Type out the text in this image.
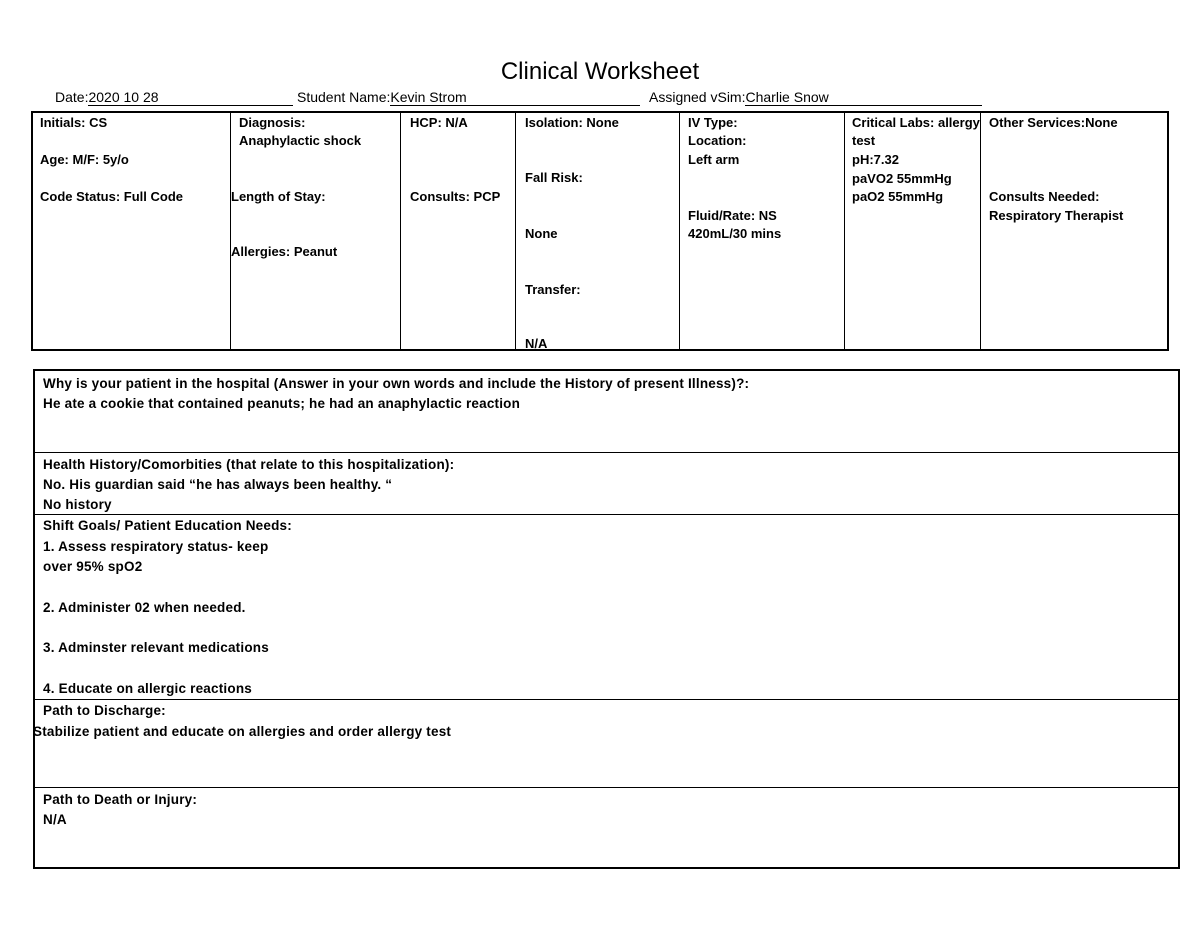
Clinical Worksheet
Date:2020 10 28	Student Name:Kevin Strom	Assigned vSim:Charlie Snow
Initials: CS
Age: M/F: 5y/o
Code Status: Full Code
Diagnosis:
Anaphylactic shock
Length of Stay:
Allergies: Peanut
HCP: N/A
Consults: PCP
Isolation: None
Fall Risk:
None
Transfer:
N/A
IV Type:
Location:
Left arm
Fluid/Rate: NS
420mL/30 mins
Critical Labs: allergy
test
pH:7.32
paVO2 55mmHg
paO2 55mmHg
Other Services:None
Consults Needed:
Respiratory Therapist
Why is your patient in the hospital (Answer in your own words and include the History of present Illness)?:
He ate a cookie that contained peanuts; he had an anaphylactic reaction
Health History/Comorbities (that relate to this hospitalization):
No. His guardian said “he has always been healthy. “
No history
Shift Goals/ Patient Education Needs:
1. Assess respiratory status- keep
over 95% spO2
2. Administer 02 when needed.
3. Adminster relevant medications
4. Educate on allergic reactions
Path to Discharge:
Stabilize patient and educate on allergies and order allergy test
Path to Death or Injury:
N/A
